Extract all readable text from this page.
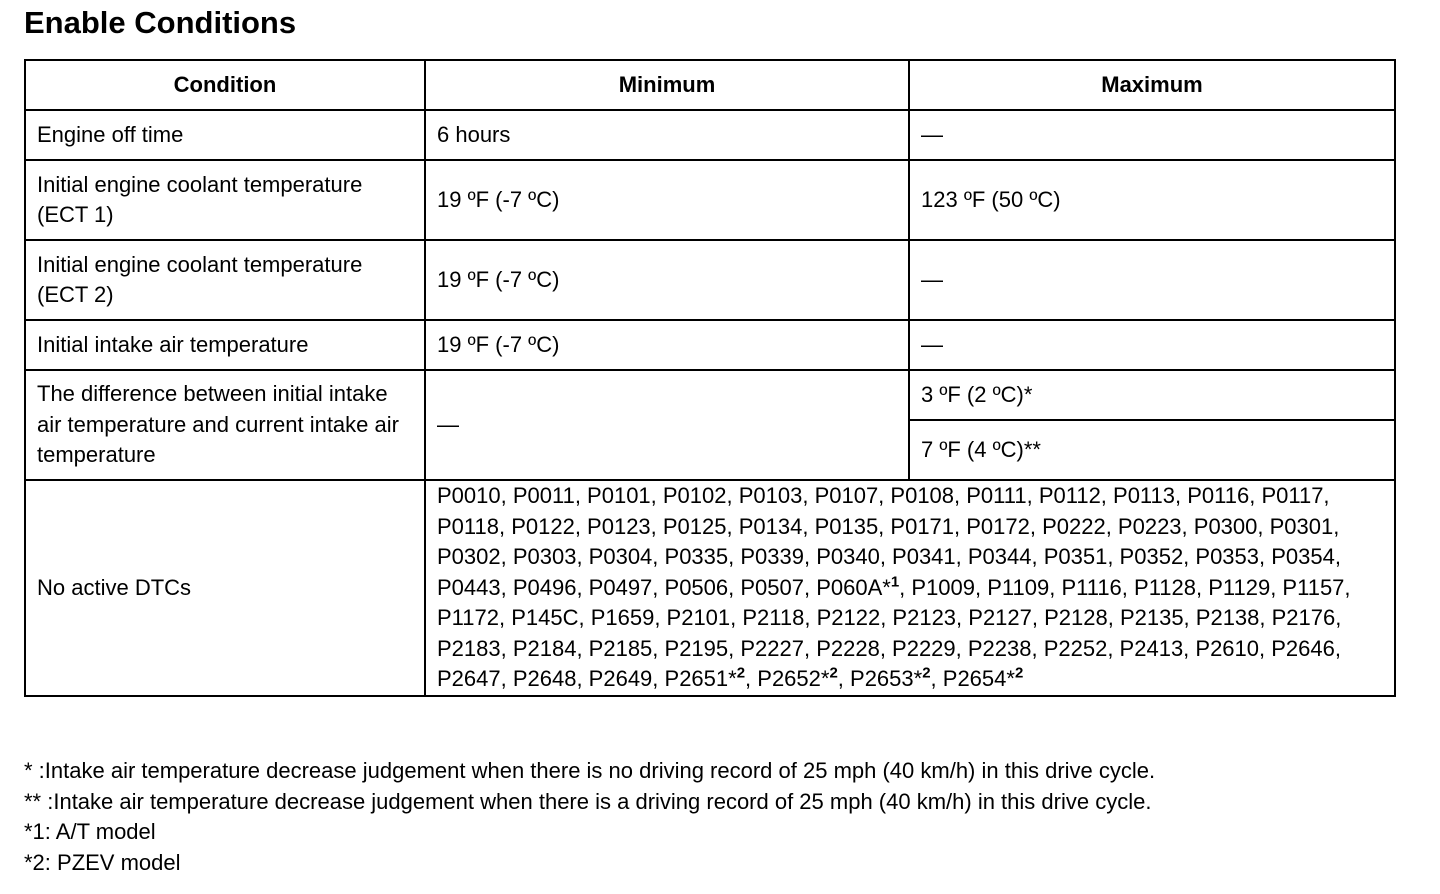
Enable Conditions
Condition	Minimum	Maximum
Engine off time	6 hours	—
Initial engine coolant temperature (ECT 1)	19 ºF (-7 ºC)	123 ºF (50 ºC)
Initial engine coolant temperature (ECT 2)	19 ºF (-7 ºC)	—
Initial intake air temperature	19 ºF (-7 ºC)	—
The difference between initial intake air temperature and current intake air temperature	—	3 ºF (2 ºC)*
		7 ºF (4 ºC)**
No active DTCs	P0010, P0011, P0101, P0102, P0103, P0107, P0108, P0111, P0112, P0113, P0116, P0117, P0118, P0122, P0123, P0125, P0134, P0135, P0171, P0172, P0222, P0223, P0300, P0301, P0302, P0303, P0304, P0335, P0339, P0340, P0341, P0344, P0351, P0352, P0353, P0354, P0443, P0496, P0497, P0506, P0507, P060A*$^1$, P1009, P1109, P1116, P1128, P1129, P1157, P1172, P145C, P1659, P2101, P2118, P2122, P2123, P2127, P2128, P2135, P2138, P2176, P2183, P2184, P2185, P2195, P2227, P2228, P2229, P2238, P2252, P2413, P2610, P2646, P2647, P2648, P2649, P2651*$^2$, P2652*$^2$, P2653*$^2$, P2654*$^2$
* :Intake air temperature decrease judgement when there is no driving record of 25 mph (40 km/h) in this drive cycle.
** :Intake air temperature decrease judgement when there is a driving record of 25 mph (40 km/h) in this drive cycle.
*1: A/T model
*2: PZEV model
